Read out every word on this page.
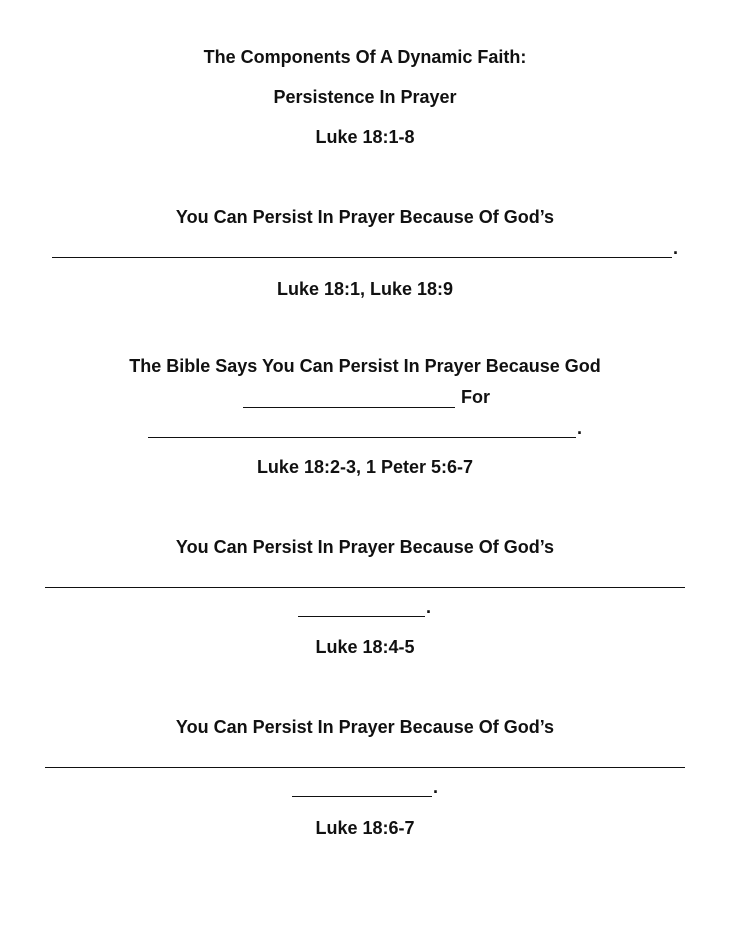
The Components Of A Dynamic Faith:
Persistence In Prayer
Luke 18:1-8
You Can Persist In Prayer Because Of God’s
.
Luke 18:1, Luke 18:9
The Bible Says You Can Persist In Prayer Because God
For
.
Luke 18:2-3, 1 Peter 5:6-7
You Can Persist In Prayer Because Of God’s
.
Luke 18:4-5
You Can Persist In Prayer Because Of God’s
.
Luke 18:6-7
